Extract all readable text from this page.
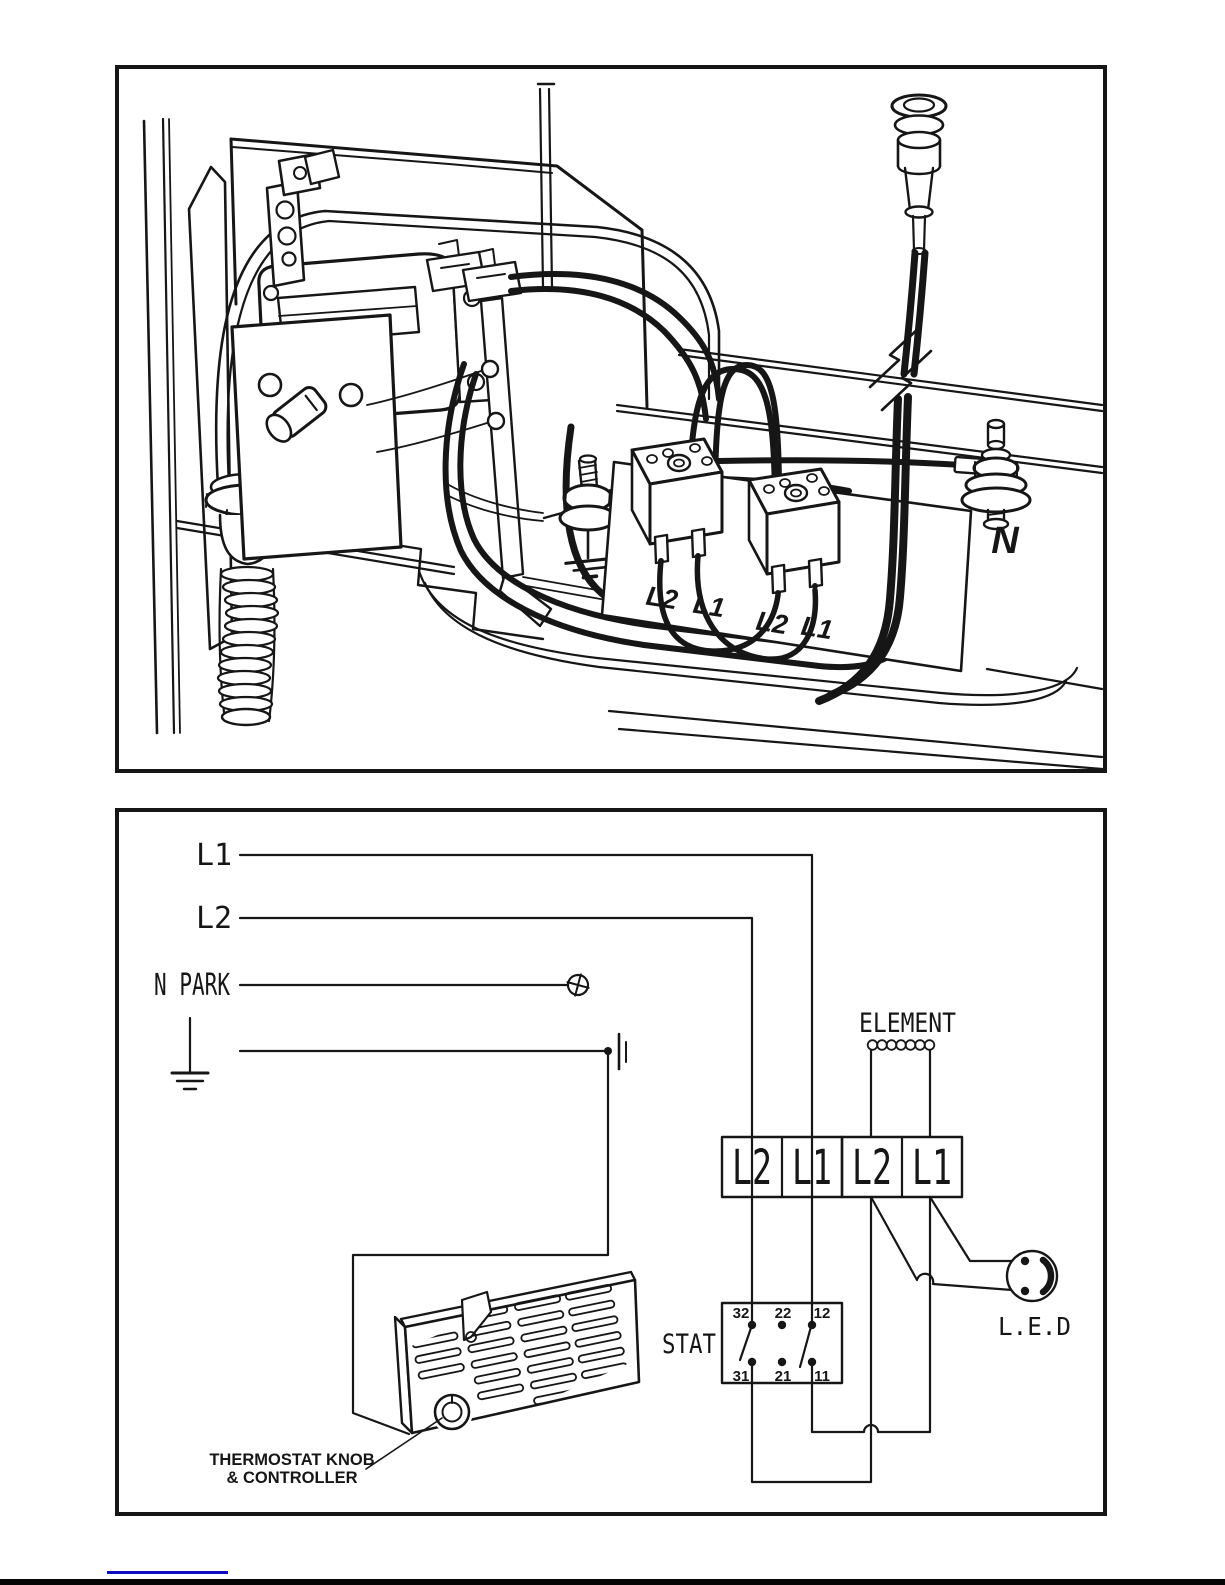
L2 L1 L2 L1
N
L1
L2
N PARK
ELEMENT
L2 L1 L2 L1
STAT
32 22 12
31 21 11
L.E.D
THERMOSTAT KNOB
& CONTROLLER
